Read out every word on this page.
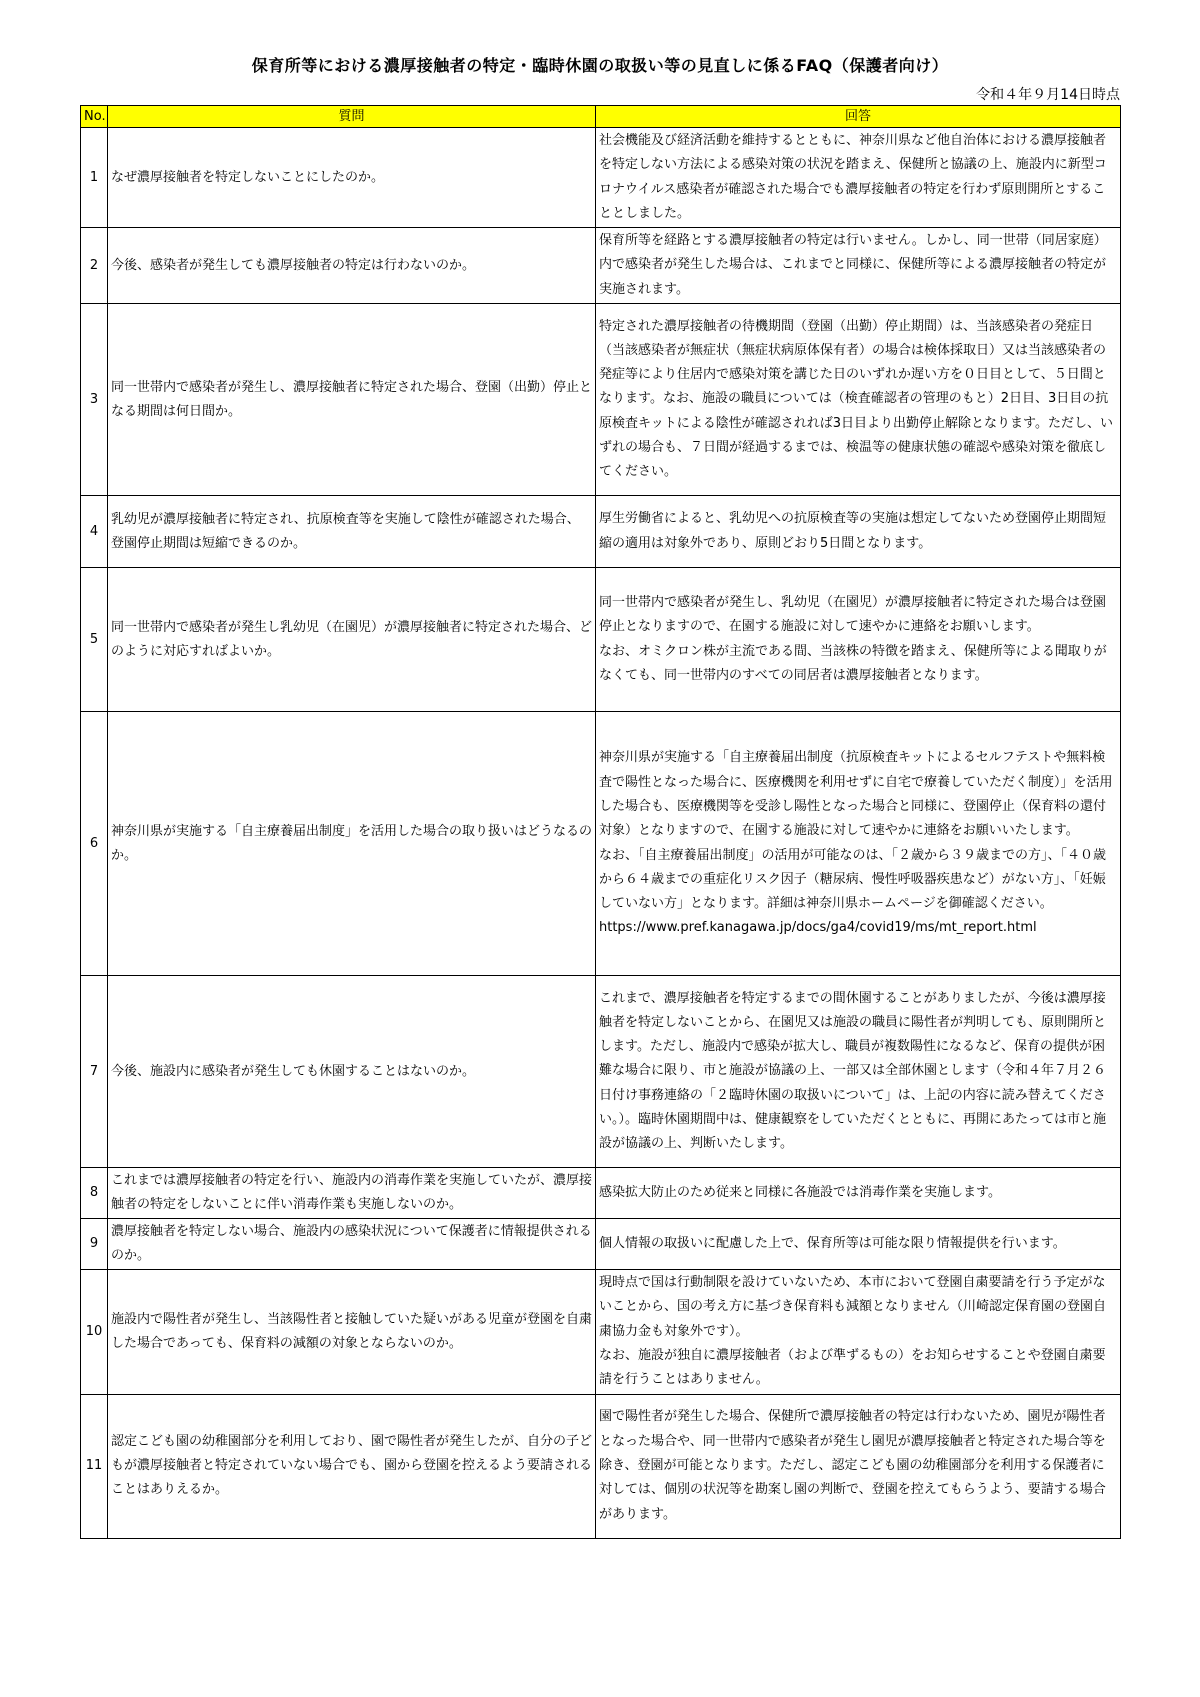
保育所等における濃厚接触者の特定・臨時休園の取扱い等の見直しに係るFAQ（保護者向け）
令和４年９月14日時点
No.	質問	回答
1	なぜ濃厚接触者を特定しないことにしたのか。	社会機能及び経済活動を維持するとともに、神奈川県など他自治体における濃厚接触者を特定しない方法による感染対策の状況を踏まえ、保健所と協議の上、施設内に新型コロナウイルス感染者が確認された場合でも濃厚接触者の特定を行わず原則開所とすることとしました。

2	今後、感染者が発生しても濃厚接触者の特定は行わないのか。	保育所等を経路とする濃厚接触者の特定は行いません。しかし、同一世帯（同居家庭）内で感染者が発生した場合は、これまでと同様に、保健所等による濃厚接触者の特定が実施されます。

3	同一世帯内で感染者が発生し、濃厚接触者に特定された場合、登園（出勤）停止となる期間は何日間か。	特定された濃厚接触者の待機期間（登園（出勤）停止期間）は、当該感染者の発症日（当該感染者が無症状（無症状病原体保有者）の場合は検体採取日）又は当該感染者の発症等により住居内で感染対策を講じた日のいずれか遅い方を０日目として、５日間となります。なお、施設の職員については（検査確認者の管理のもと）2日目、3日目の抗原検査キットによる陰性が確認されれば3日目より出勤停止解除となります。ただし、いずれの場合も、７日間が経過するまでは、検温等の健康状態の確認や感染対策を徹底してください。

4	乳幼児が濃厚接触者に特定され、抗原検査等を実施して陰性が確認された場合、登園停止期間は短縮できるのか。	厚生労働省によると、乳幼児への抗原検査等の実施は想定してないため登園停止期間短縮の適用は対象外であり、原則どおり5日間となります。

5	同一世帯内で感染者が発生し乳幼児（在園児）が濃厚接触者に特定された場合、どのように対応すればよいか。	同一世帯内で感染者が発生し、乳幼児（在園児）が濃厚接触者に特定された場合は登園停止となりますので、在園する施設に対して速やかに連絡をお願いします。
なお、オミクロン株が主流である間、当該株の特徴を踏まえ、保健所等による聞取りがなくても、同一世帯内のすべての同居者は濃厚接触者となります。

6	神奈川県が実施する「自主療養届出制度」を活用した場合の取り扱いはどうなるのか。	神奈川県が実施する「自主療養届出制度（抗原検査キットによるセルフテストや無料検査で陽性となった場合に、医療機関を利用せずに自宅で療養していただく制度）」を活用した場合も、医療機関等を受診し陽性となった場合と同様に、登園停止（保育料の還付対象）となりますので、在園する施設に対して速やかに連絡をお願いいたします。
なお、「自主療養届出制度」の活用が可能なのは、「２歳から３９歳までの方」、「４０歳から６４歳までの重症化リスク因子（糖尿病、慢性呼吸器疾患など）がない方」、「妊娠していない方」となります。詳細は神奈川県ホームページを御確認ください。
https://www.pref.kanagawa.jp/docs/ga4/covid19/ms/mt_report.html

7	今後、施設内に感染者が発生しても休園することはないのか。	これまで、濃厚接触者を特定するまでの間休園することがありましたが、今後は濃厚接触者を特定しないことから、在園児又は施設の職員に陽性者が判明しても、原則開所とします。ただし、施設内で感染が拡大し、職員が複数陽性になるなど、保育の提供が困難な場合に限り、市と施設が協議の上、一部又は全部休園とします（令和４年７月２６日付け事務連絡の「２臨時休園の取扱いについて」は、上記の内容に読み替えてください。）。臨時休園期間中は、健康観察をしていただくとともに、再開にあたっては市と施設が協議の上、判断いたします。

8	これまでは濃厚接触者の特定を行い、施設内の消毒作業を実施していたが、濃厚接触者の特定をしないことに伴い消毒作業も実施しないのか。	感染拡大防止のため従来と同様に各施設では消毒作業を実施します。

9	濃厚接触者を特定しない場合、施設内の感染状況について保護者に情報提供されるのか。	個人情報の取扱いに配慮した上で、保育所等は可能な限り情報提供を行います。

10	施設内で陽性者が発生し、当該陽性者と接触していた疑いがある児童が登園を自粛した場合であっても、保育料の減額の対象とならないのか。	現時点で国は行動制限を設けていないため、本市において登園自粛要請を行う予定がないことから、国の考え方に基づき保育料も減額となりません（川崎認定保育園の登園自粛協力金も対象外です）。
なお、施設が独自に濃厚接触者（および準ずるもの）をお知らせすることや登園自粛要請を行うことはありません。

11	認定こども園の幼稚園部分を利用しており、園で陽性者が発生したが、自分の子どもが濃厚接触者と特定されていない場合でも、園から登園を控えるよう要請されることはありえるか。	園で陽性者が発生した場合、保健所で濃厚接触者の特定は行わないため、園児が陽性者となった場合や、同一世帯内で感染者が発生し園児が濃厚接触者と特定された場合等を除き、登園が可能となります。ただし、認定こども園の幼稚園部分を利用する保護者に対しては、個別の状況等を勘案し園の判断で、登園を控えてもらうよう、要請する場合があります。
